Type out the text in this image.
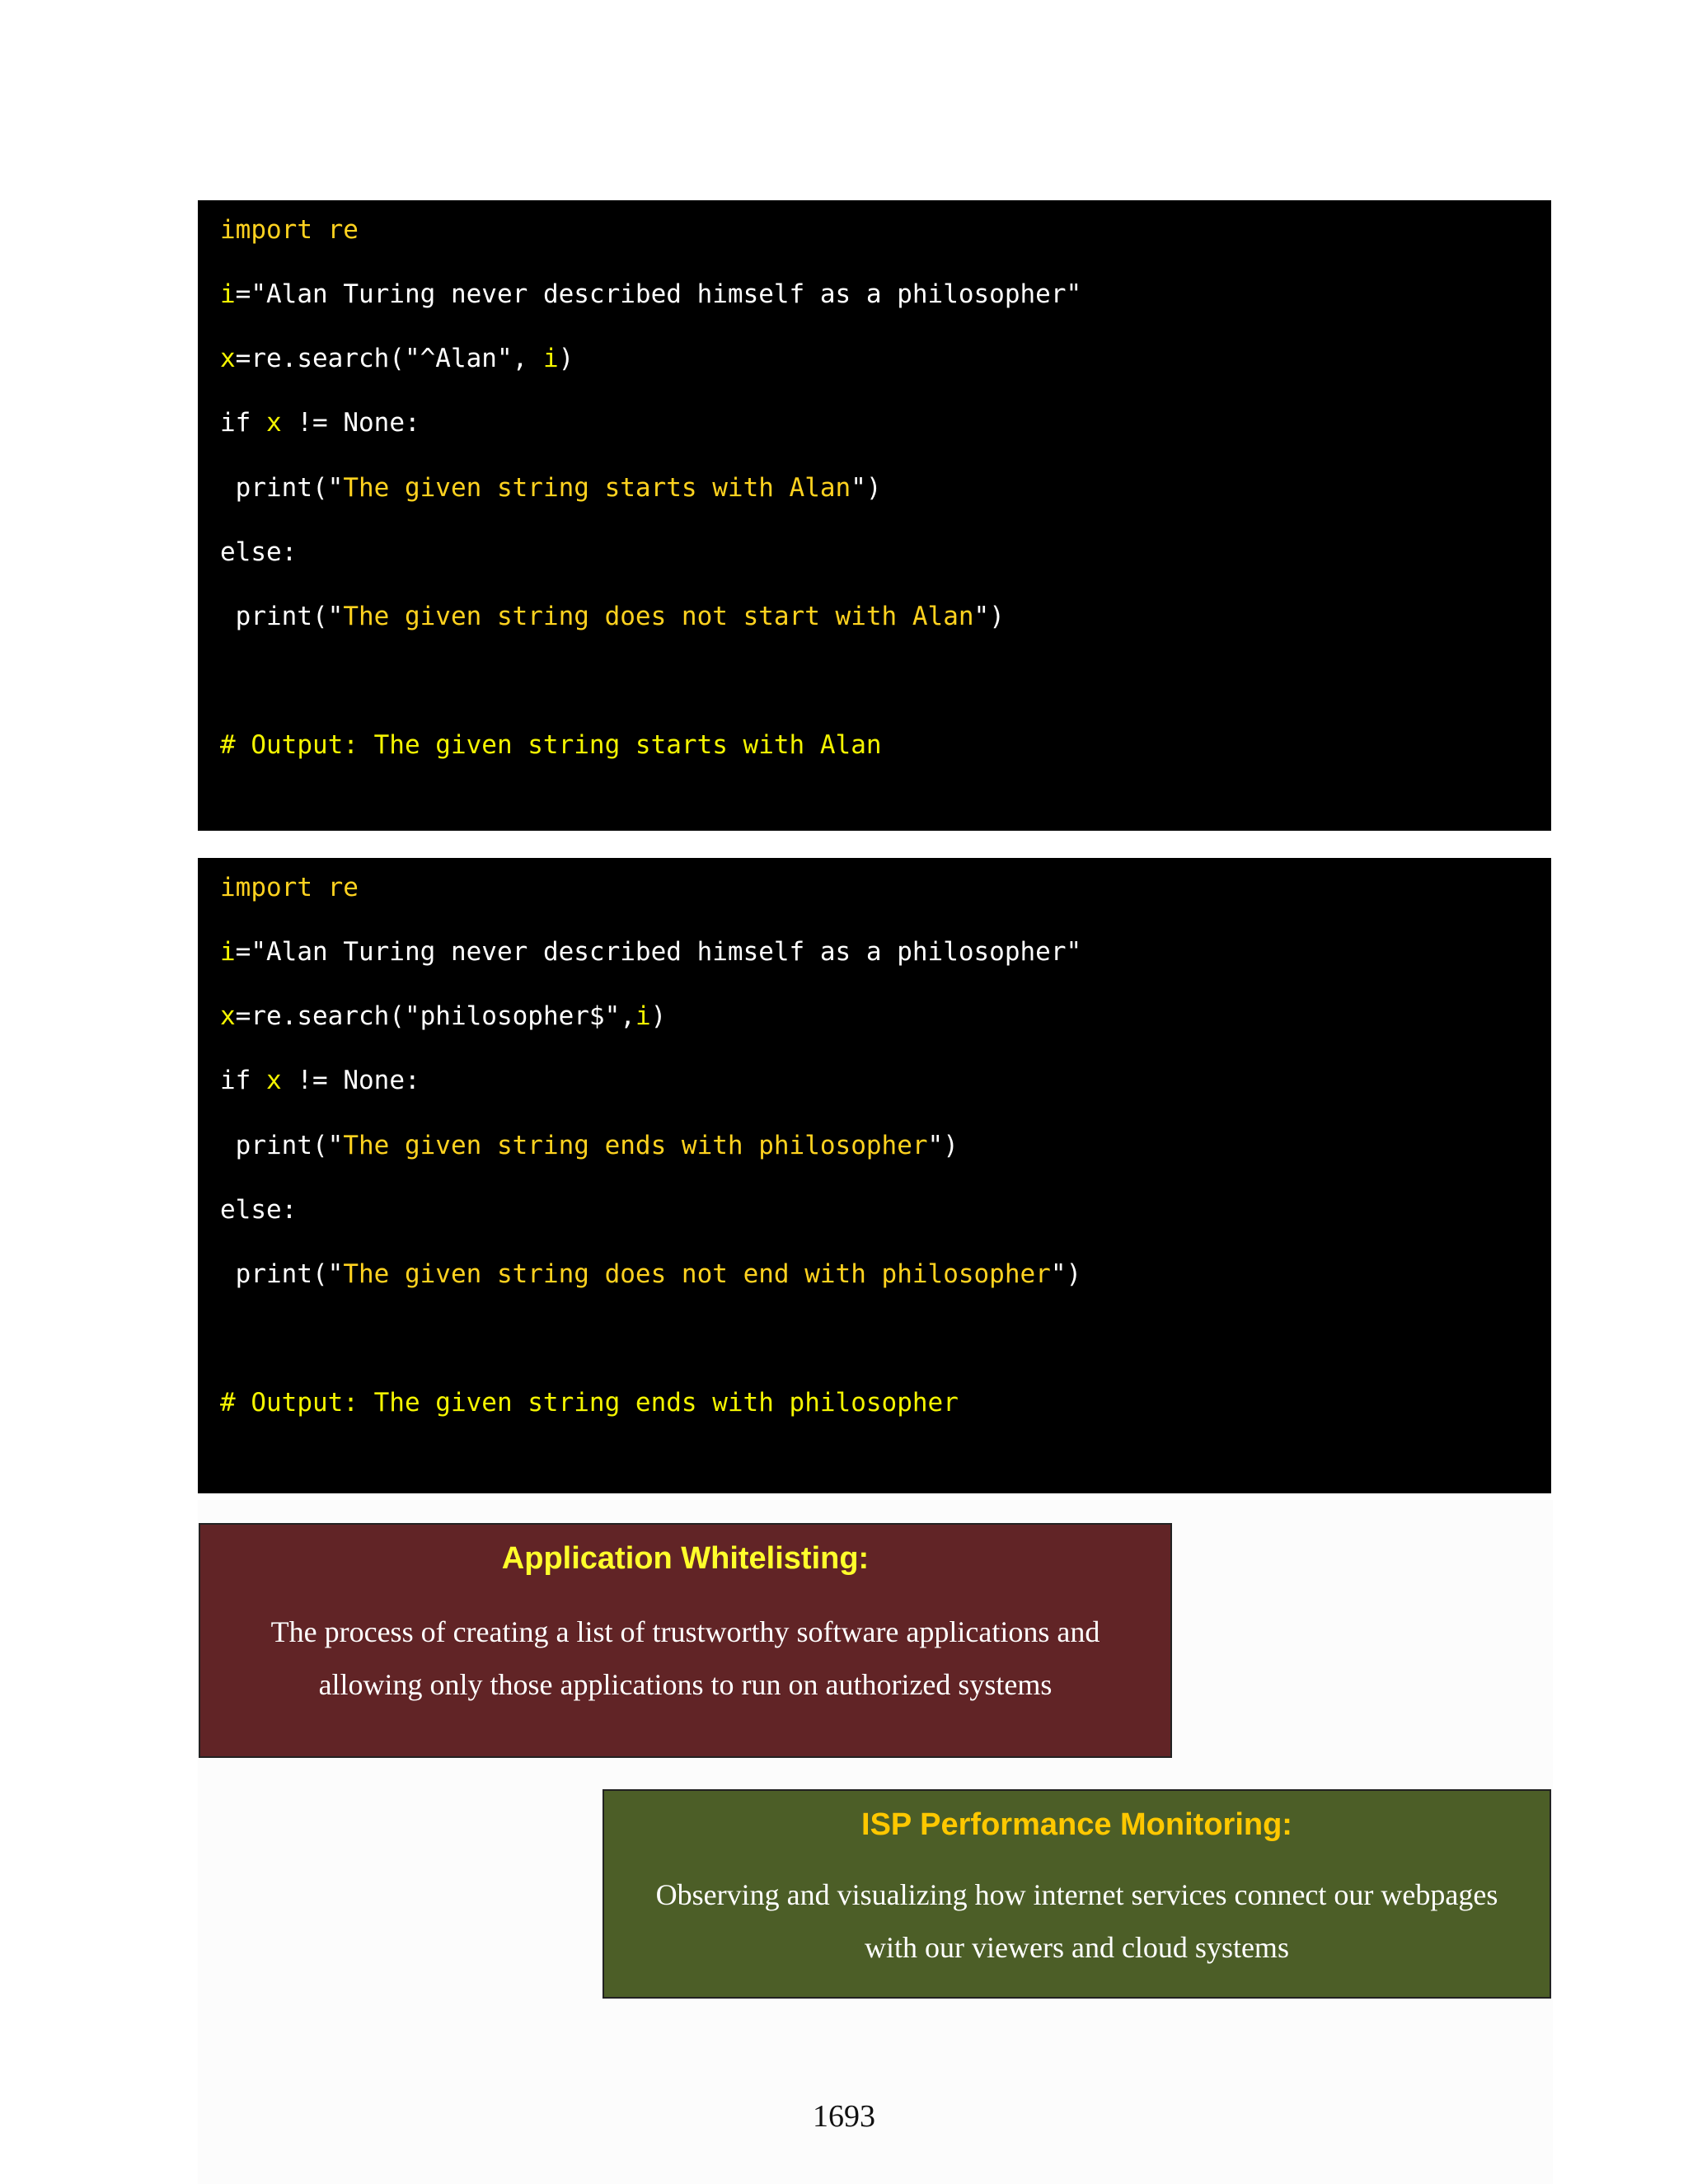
import re
i="Alan Turing never described himself as a philosopher"
x=re.search("^Alan", i)
if x != None:
print("The given string starts with Alan")
else:
print("The given string does not start with Alan")
# Output: The given string starts with Alan
import re
i="Alan Turing never described himself as a philosopher"
x=re.search("philosopher$",i)
if x != None:
print("The given string ends with philosopher")
else:
print("The given string does not end with philosopher")
# Output: The given string ends with philosopher
Application Whitelisting:
The process of creating a list of trustworthy software applications and
allowing only those applications to run on authorized systems
ISP Performance Monitoring:
Observing and visualizing how internet services connect our webpages
with our viewers and cloud systems
1693
